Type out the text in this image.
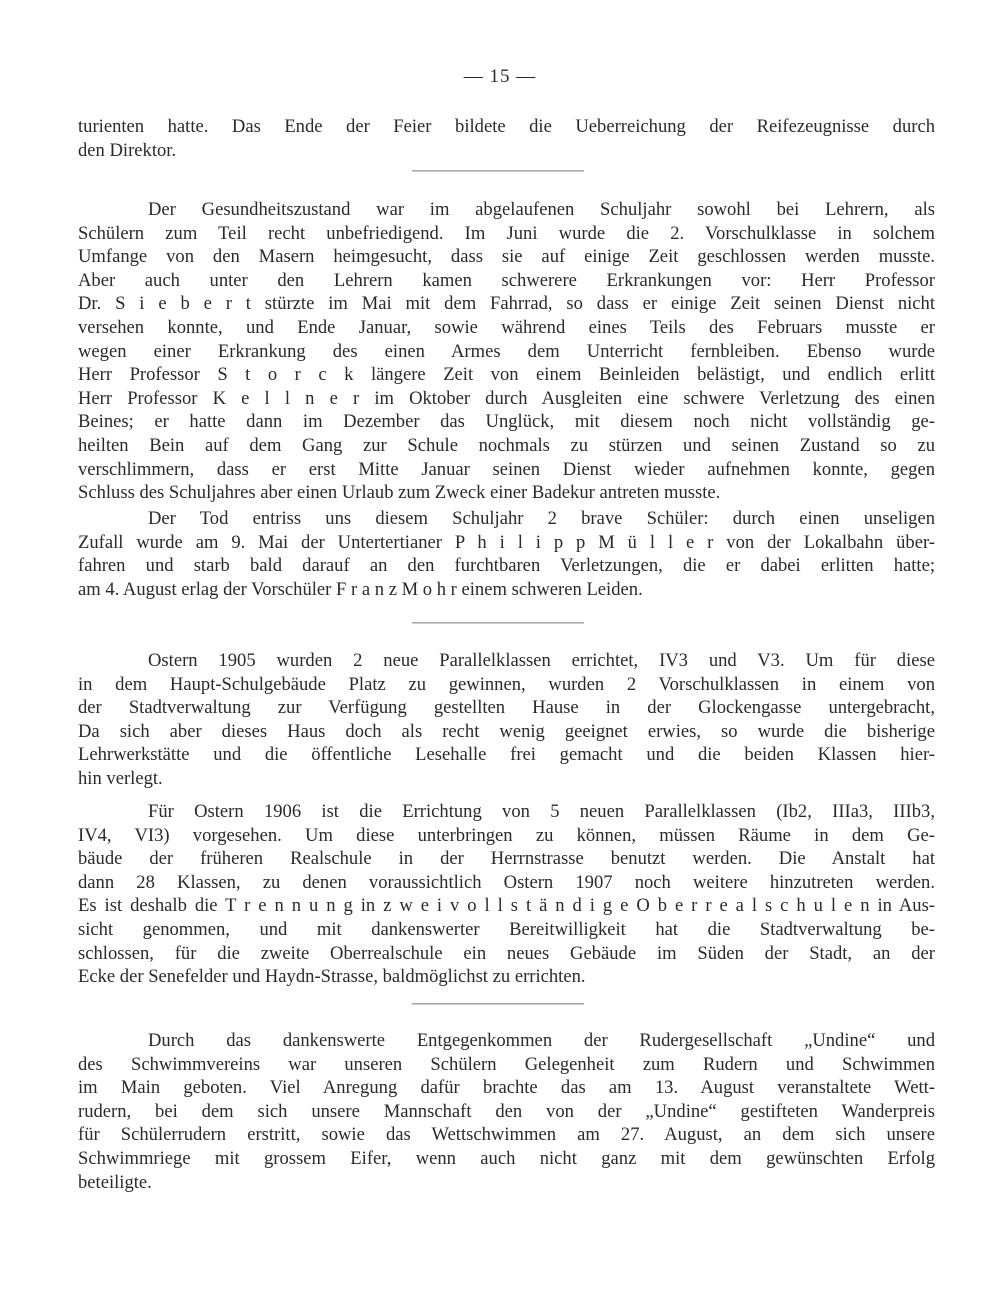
— 15 —
turienten hatte. Das Ende der Feier bildete die Ueberreichung der Reifezeugnisse durch
den Direktor.
Der Gesundheitszustand war im abgelaufenen Schuljahr sowohl bei Lehrern, als
Schülern zum Teil recht unbefriedigend. Im Juni wurde die 2. Vorschulklasse in solchem
Umfange von den Masern heimgesucht, dass sie auf einige Zeit geschlossen werden musste.
Aber auch unter den Lehrern kamen schwerere Erkrankungen vor: Herr Professor
Dr. S i e b e r t stürzte im Mai mit dem Fahrrad, so dass er einige Zeit seinen Dienst nicht
versehen konnte, und Ende Januar, sowie während eines Teils des Februars musste er
wegen einer Erkrankung des einen Armes dem Unterricht fernbleiben. Ebenso wurde
Herr Professor S t o r c k längere Zeit von einem Beinleiden belästigt, und endlich erlitt
Herr Professor K e l l n e r im Oktober durch Ausgleiten eine schwere Verletzung des einen
Beines; er hatte dann im Dezember das Unglück, mit diesem noch nicht vollständig ge-
heilten Bein auf dem Gang zur Schule nochmals zu stürzen und seinen Zustand so zu
verschlimmern, dass er erst Mitte Januar seinen Dienst wieder aufnehmen konnte, gegen
Schluss des Schuljahres aber einen Urlaub zum Zweck einer Badekur antreten musste.
Der Tod entriss uns diesem Schuljahr 2 brave Schüler: durch einen unseligen
Zufall wurde am 9. Mai der Untertertianer P h i l i p p M ü l l e r von der Lokalbahn über-
fahren und starb bald darauf an den furchtbaren Verletzungen, die er dabei erlitten hatte;
am 4. August erlag der Vorschüler F r a n z M o h r einem schweren Leiden.
Ostern 1905 wurden 2 neue Parallelklassen errichtet, IV3 und V3. Um für diese
in dem Haupt-Schulgebäude Platz zu gewinnen, wurden 2 Vorschulklassen in einem von
der Stadtverwaltung zur Verfügung gestellten Hause in der Glockengasse untergebracht,
Da sich aber dieses Haus doch als recht wenig geeignet erwies, so wurde die bisherige
Lehrwerkstätte und die öffentliche Lesehalle frei gemacht und die beiden Klassen hier-
hin verlegt.
Für Ostern 1906 ist die Errichtung von 5 neuen Parallelklassen (Ib2, IIIa3, IIIb3,
IV4, VI3) vorgesehen. Um diese unterbringen zu können, müssen Räume in dem Ge-
bäude der früheren Realschule in der Herrnstrasse benutzt werden. Die Anstalt hat
dann 28 Klassen, zu denen voraussichtlich Ostern 1907 noch weitere hinzutreten werden.
Es ist deshalb die T r e n n u n g in z w e i v o l l s t ä n d i g e O b e r r e a l s c h u l e n in Aus-
sicht genommen, und mit dankenswerter Bereitwilligkeit hat die Stadtverwaltung be-
schlossen, für die zweite Oberrealschule ein neues Gebäude im Süden der Stadt, an der
Ecke der Senefelder und Haydn-Strasse, baldmöglichst zu errichten.
Durch das dankenswerte Entgegenkommen der Rudergesellschaft „Undine“ und
des Schwimmvereins war unseren Schülern Gelegenheit zum Rudern und Schwimmen
im Main geboten. Viel Anregung dafür brachte das am 13. August veranstaltete Wett-
rudern, bei dem sich unsere Mannschaft den von der „Undine“ gestifteten Wanderpreis
für Schülerrudern erstritt, sowie das Wettschwimmen am 27. August, an dem sich unsere
Schwimmriege mit grossem Eifer, wenn auch nicht ganz mit dem gewünschten Erfolg
beteiligte.
